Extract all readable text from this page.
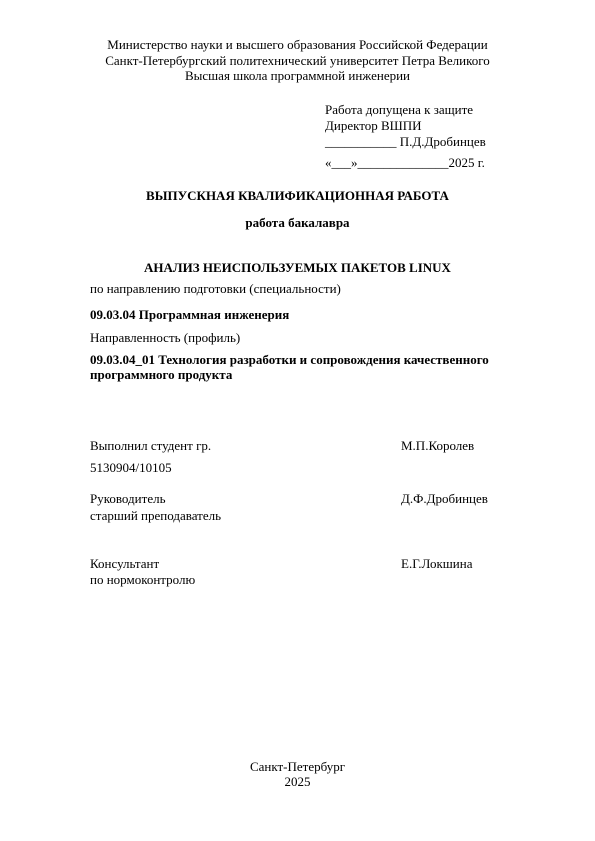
Министерство науки и высшего образования Российской Федерации
Санкт-Петербургский политехнический университет Петра Великого
Высшая школа программной инженерии
Работа допущена к защите
Директор ВШПИ
___________ П.Д.Дробинцев
«___»______________2025 г.
ВЫПУСКНАЯ КВАЛИФИКАЦИОННАЯ РАБОТА
работа бакалавра
АНАЛИЗ НЕИСПОЛЬЗУЕМЫХ ПАКЕТОВ LINUX
по направлению подготовки (специальности)
09.03.04 Программная инженерия
Направленность (профиль)
09.03.04_01 Технология разработки и сопровождения качественного
программного продукта
Выполнил студент гр.	М.П.Королев
5130904/10105
Руководитель	Д.Ф.Дробинцев
старший преподаватель
Консультант	Е.Г.Локшина
по нормоконтролю
Санкт-Петербург
2025
